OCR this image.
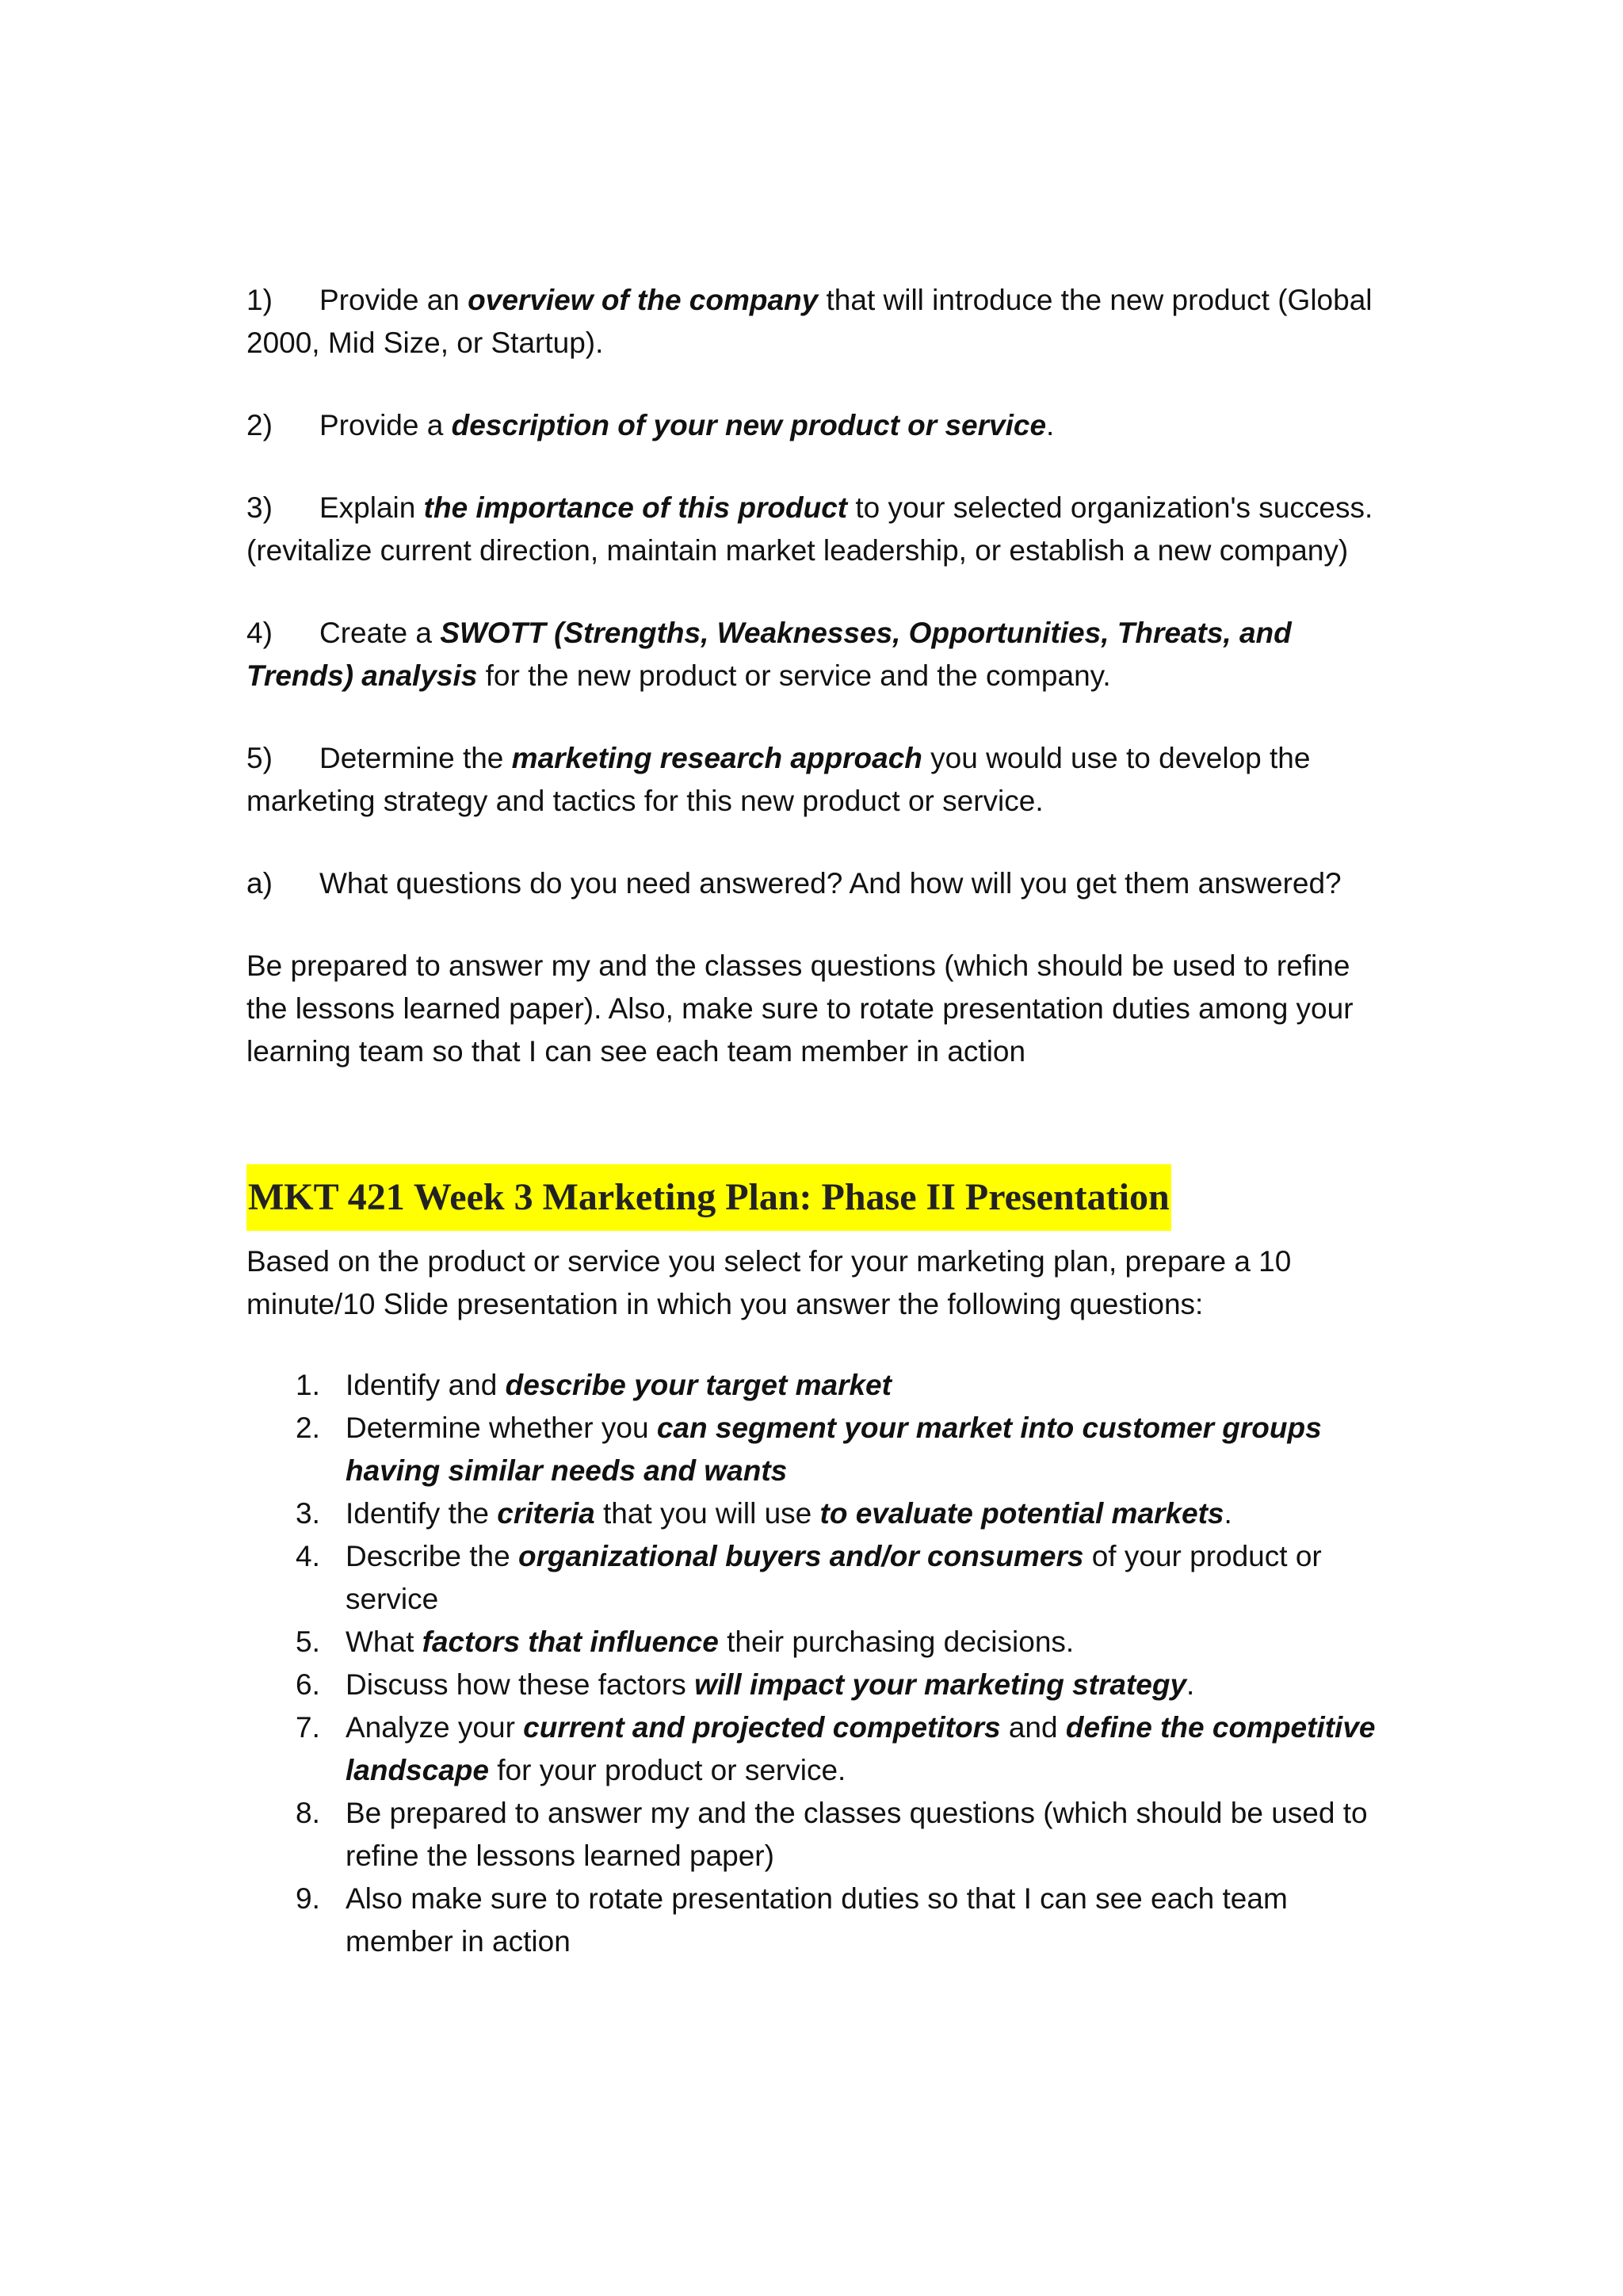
1) Provide an overview of the company that will introduce the new product (Global 2000, Mid Size, or Startup).

2) Provide a description of your new product or service.

3) Explain the importance of this product to your selected organization's success. (revitalize current direction, maintain market leadership, or establish a new company)

4) Create a SWOTT (Strengths, Weaknesses, Opportunities, Threats, and Trends) analysis for the new product or service and the company.

5) Determine the marketing research approach you would use to develop the marketing strategy and tactics for this new product or service.

a) What questions do you need answered? And how will you get them answered?

Be prepared to answer my and the classes questions (which should be used to refine the lessons learned paper). Also, make sure to rotate presentation duties among your learning team so that I can see each team member in action

MKT 421 Week 3 Marketing Plan: Phase II Presentation

Based on the product or service you select for your marketing plan, prepare a 10 minute/10 Slide presentation in which you answer the following questions:

1. Identify and describe your target market
2. Determine whether you can segment your market into customer groups having similar needs and wants
3. Identify the criteria that you will use to evaluate potential markets.
4. Describe the organizational buyers and/or consumers of your product or service
5. What factors that influence their purchasing decisions.
6. Discuss how these factors will impact your marketing strategy.
7. Analyze your current and projected competitors and define the competitive landscape for your product or service.
8. Be prepared to answer my and the classes questions (which should be used to refine the lessons learned paper)
9. Also make sure to rotate presentation duties so that I can see each team member in action
